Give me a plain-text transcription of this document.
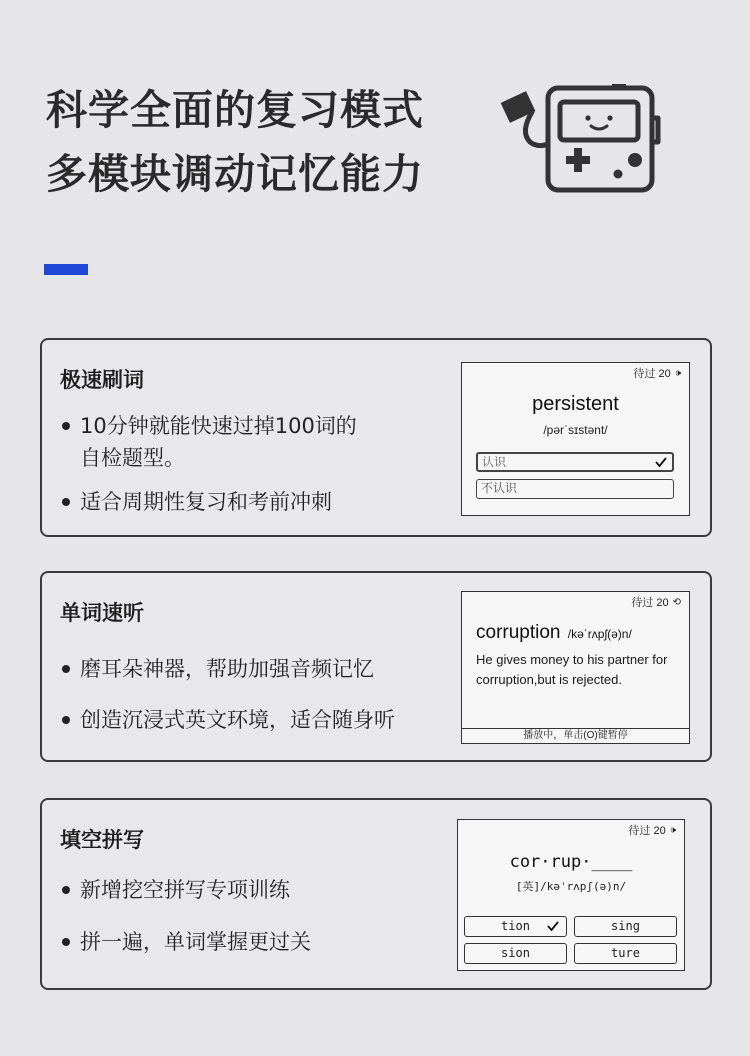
科学全面的复习模式
多模块调动记忆能力
极速刷词
10分钟就能快速过掉100词的
自检题型。
适合周期性复习和考前冲刺
待过 20 🕩
persistent
/pərˈsɪstənt/
认识
不认识
单词速听
磨耳朵神器，帮助加强音频记忆
创造沉浸式英文环境，适合随身听
待过 20 ⟲
corruption /kəˈrʌpʃ(ə)n/
He gives money to his partner for corruption,but is rejected.
播放中，单击(O)键暂停
填空拼写
新增挖空拼写专项训练
拼一遍，单词掌握更过关
待过 20 🕩
cor·rup·____
[英]/kəˈrʌpʃ(ə)n/
tion	sing
sion	ture
